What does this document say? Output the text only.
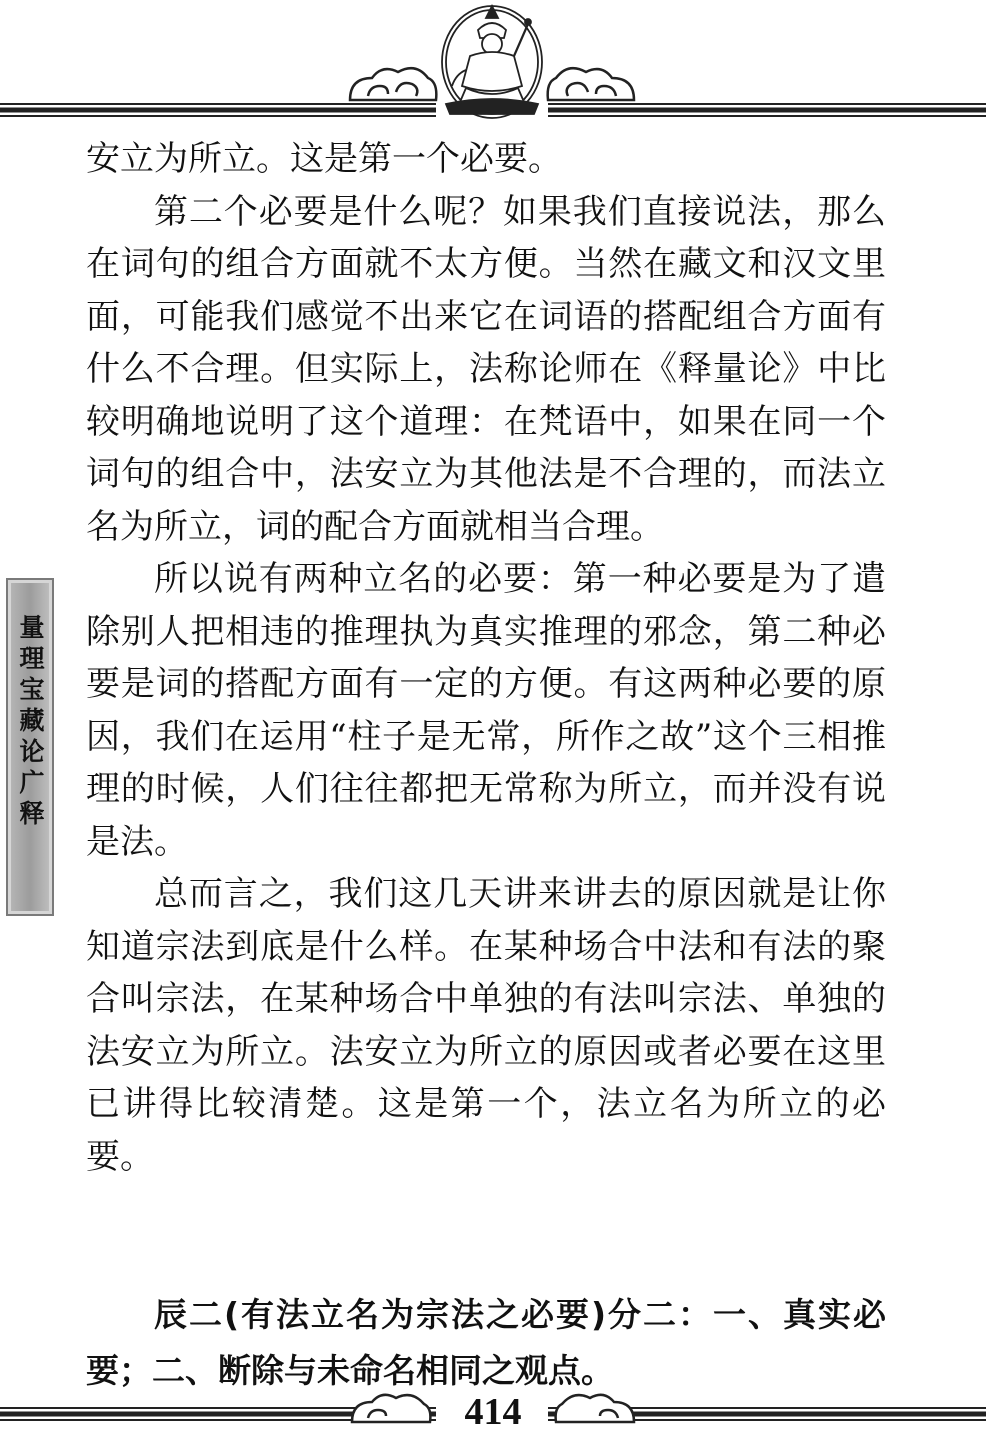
量理宝藏论广释

安立为所立。这是第一个必要。

第二个必要是什么呢？如果我们直接说法，那么在词句的组合方面就不太方便。当然在藏文和汉文里面，可能我们感觉不出来它在词语的搭配组合方面有什么不合理。但实际上，法称论师在《释量论》中比较明确地说明了这个道理：在梵语中，如果在同一个词句的组合中，法安立为其他法是不合理的，而法立名为所立，词的配合方面就相当合理。

所以说有两种立名的必要：第一种必要是为了遣除别人把相违的推理执为真实推理的邪念，第二种必要是词的搭配方面有一定的方便。有这两种必要的原因，我们在运用“柱子是无常，所作之故”这个三相推理的时候，人们往往都把无常称为所立，而并没有说是法。

总而言之，我们这几天讲来讲去的原因就是让你知道宗法到底是什么样。在某种场合中法和有法的聚合叫宗法，在某种场合中单独的有法叫宗法、单独的法安立为所立。法安立为所立的原因或者必要在这里已讲得比较清楚。这是第一个，法立名为所立的必要。

辰二(有法立名为宗法之必要)分二：一、真实必要；二、断除与未命名相同之观点。

414
